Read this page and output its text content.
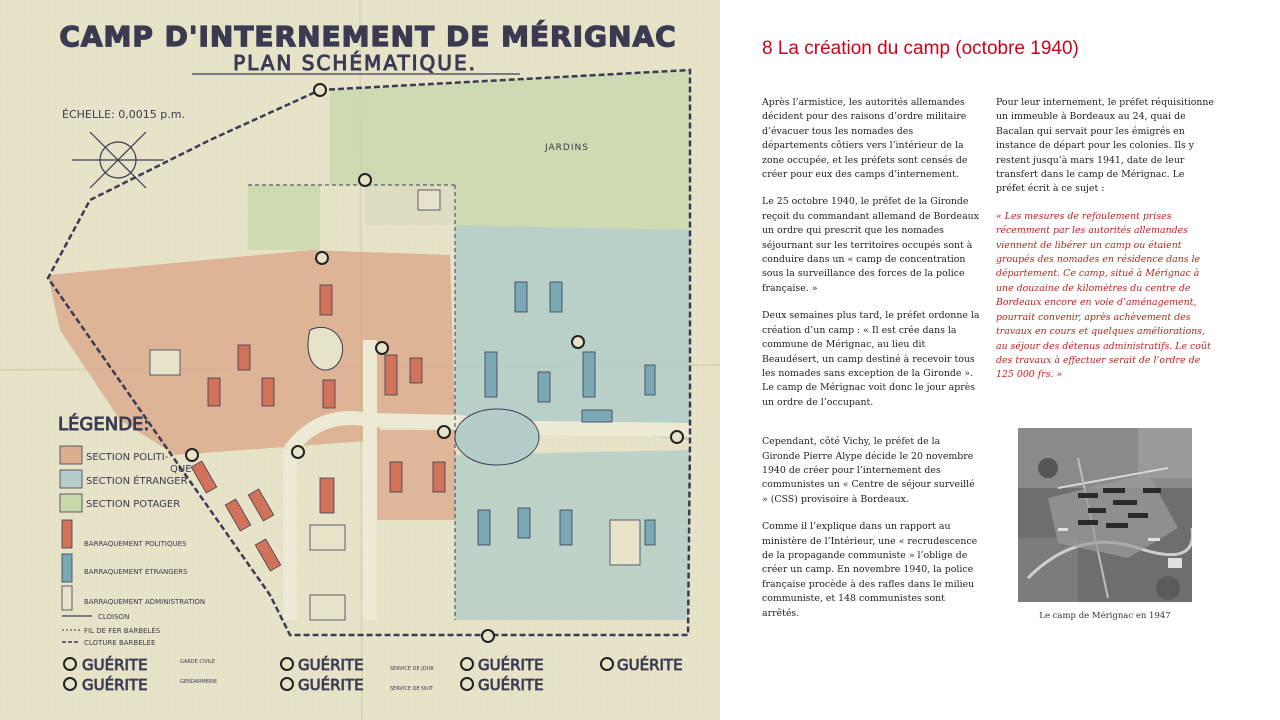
CAMP D'INTERNEMENT DE MÉRIGNAC
PLAN SCHÉMATIQUE.
ÉCHELLE: 0,0015 p.m.
JARDINS
LÉGENDE:
SECTION POLITI-
QUE
SECTION ÉTRANGER
SECTION POTAGER
BARRAQUEMENT POLITIQUES
BARRAQUEMENT ÉTRANGERS
BARRAQUEMENT ADMINISTRATION
CLOISON
FIL DE FER BARBELÉS
CLOTURE BARBELÉE
GUÉRITE
GUÉRITE
GUÉRITE
GUÉRITE
GUÉRITE
GUÉRITE
GUÉRITE
GARDE CIVILE
GENDARMERIE
SERVICE DE JOUR
SERVICE DE NUIT
8 La création du camp (octobre 1940)

Après l’armistice, les autorités allemandes décident pour des raisons d’ordre militaire d’évacuer tous les nomades des départements côtiers vers l’intérieur de la zone occupée, et les préfets sont censés de créer pour eux des camps d’internement.

Le 25 octobre 1940, le préfet de la Gironde reçoit du commandant allemand de Bordeaux un ordre qui prescrit que les nomades séjournant sur les territoires occupés sont à conduire dans un « camp de concentration sous la surveillance des forces de la police française. »

Deux semaines plus tard, le préfet ordonne la création d’un camp : « Il est crée dans la commune de Mérignac, au lieu dit Beaudésert, un camp destiné à recevoir tous les nomades sans exception de la Gironde ». Le camp de Mérignac voit donc le jour après un ordre de l’occupant.

Cependant, côté Vichy, le préfet de la Gironde Pierre Alype décide le 20 novembre 1940 de créer pour l’internement des communistes un « Centre de séjour surveillé » (CSS) provisoire à Bordeaux.

Comme il l’explique dans un rapport au ministère de l’Intérieur, une « recrudescence de la propagande communiste » l’oblige de créer un camp. En novembre 1940, la police française procède à des rafles dans le milieu communiste, et 148 communistes sont arrêtés.

Pour leur internement, le préfet réquisitionne un immeuble à Bordeaux au 24, quai de Bacalan qui servait pour les émigrés en instance de départ pour les colonies. Ils y restent jusqu’à mars 1941, date de leur transfert dans le camp de Mérignac. Le préfet écrit à ce sujet :

« Les mesures de refoulement prises récemment par les autorités allemandes viennent de libérer un camp ou étaient groupés des nomades en résidence dans le département. Ce camp, situé à Mérignac à une douzaine de kilomètres du centre de Bordeaux encore en voie d’aménagement, pourrait convenir, après achèvement des travaux en cours et quelques améliorations, au séjour des détenus administratifs. Le coût des travaux à effectuer serait de l’ordre de 125 000 frs. »

Le camp de Mérignac en 1947
